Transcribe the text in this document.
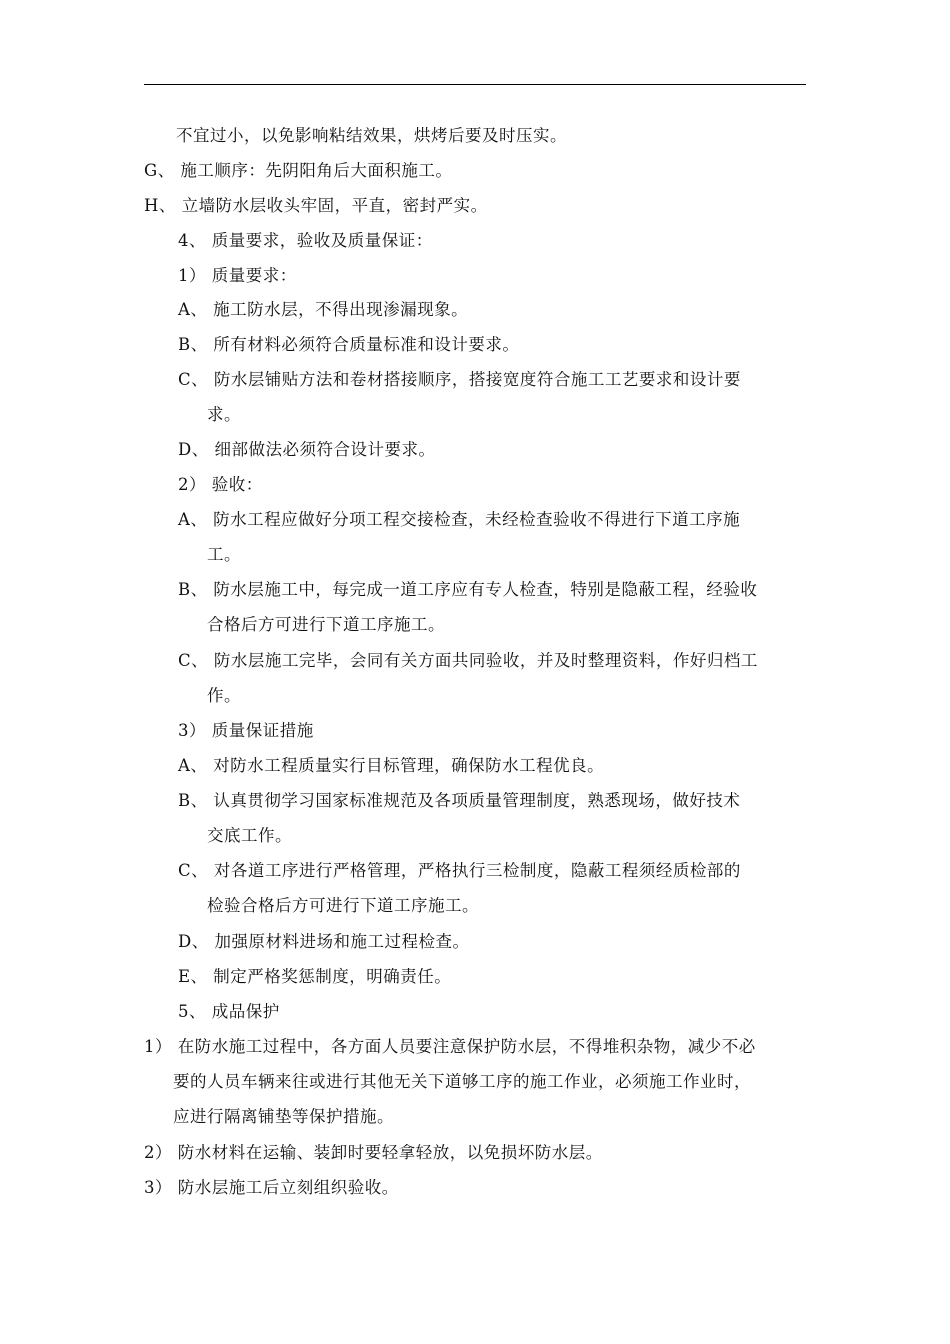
不宜过小，以免影响粘结效果，烘烤后要及时压实。
G、 施工顺序：先阴阳角后大面积施工。
H、 立墙防水层收头牢固，平直，密封严实。
4、 质量要求，验收及质量保证：
1） 质量要求：
A、 施工防水层，不得出现渗漏现象。
B、 所有材料必须符合质量标准和设计要求。
C、 防水层铺贴方法和卷材搭接顺序，搭接宽度符合施工工艺要求和设计要
求。
D、 细部做法必须符合设计要求。
2） 验收：
A、 防水工程应做好分项工程交接检查，未经检查验收不得进行下道工序施
工。
B、 防水层施工中，每完成一道工序应有专人检查，特别是隐蔽工程，经验收
合格后方可进行下道工序施工。
C、 防水层施工完毕，会同有关方面共同验收，并及时整理资料，作好归档工
作。
3） 质量保证措施
A、 对防水工程质量实行目标管理，确保防水工程优良。
B、 认真贯彻学习国家标准规范及各项质量管理制度，熟悉现场，做好技术
交底工作。
C、 对各道工序进行严格管理，严格执行三检制度，隐蔽工程须经质检部的
检验合格后方可进行下道工序施工。
D、 加强原材料进场和施工过程检查。
E、 制定严格奖惩制度，明确责任。
5、 成品保护
1） 在防水施工过程中，各方面人员要注意保护防水层，不得堆积杂物，减少不必
要的人员车辆来往或进行其他无关下道够工序的施工作业，必须施工作业时，
应进行隔离铺垫等保护措施。
2） 防水材料在运输、装卸时要轻拿轻放，以免损坏防水层。
3） 防水层施工后立刻组织验收。
